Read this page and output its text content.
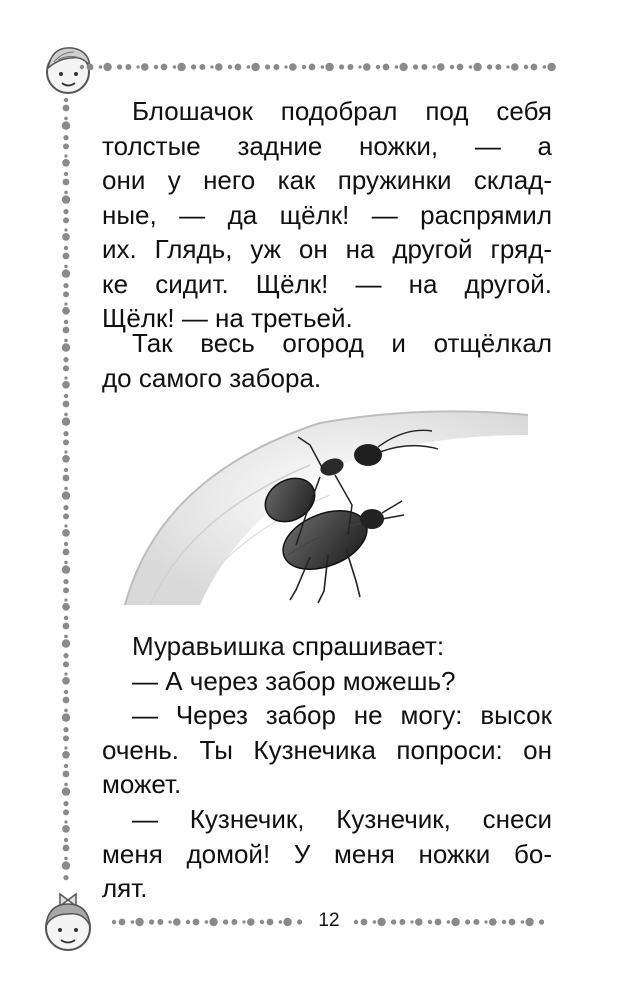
Блошачок подобрал под себя
толстые задние ножки, — а
они у него как пружинки склад-
ные, — да щёлк! — распрямил
их. Глядь, уж он на другой гряд-
ке сидит. Щёлк! — на другой.
Щёлк! — на третьей.
Так весь огород и отщёлкал
до самого забора.
Муравьишка спрашивает:
— А через забор можешь?
— Через забор не могу: высок
очень. Ты Кузнечика попроси: он
может.
— Кузнечик, Кузнечик, снеси
меня домой! У меня ножки бо-
лят.
12
